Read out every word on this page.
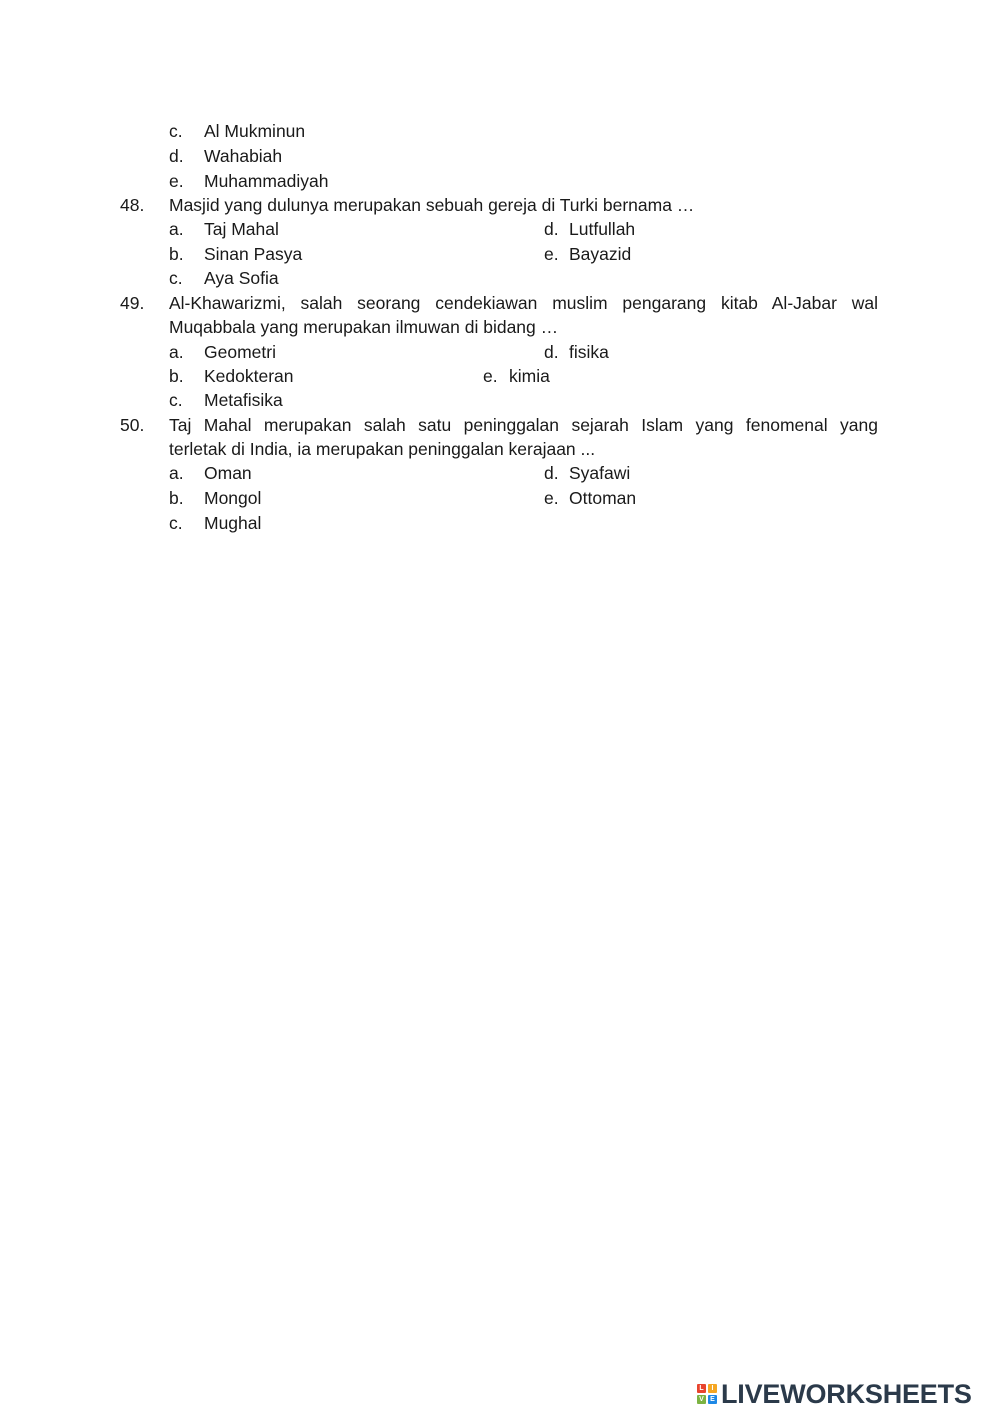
c. Al Mukminun
d. Wahabiah
e. Muhammadiyah
48. Masjid yang dulunya merupakan sebuah gereja di Turki bernama …
a. Taj Mahal	d. Lutfullah
b. Sinan Pasya	e. Bayazid
c. Aya Sofia
49. Al-Khawarizmi, salah seorang cendekiawan muslim pengarang kitab Al-Jabar wal
Muqabbala yang merupakan ilmuwan di bidang …
a. Geometri	d. fisika
b. Kedokteran	e. kimia
c. Metafisika
50. Taj Mahal merupakan salah satu peninggalan sejarah Islam yang fenomenal yang
terletak di India, ia merupakan peninggalan kerajaan ...
a. Oman	d. Syafawi
b. Mongol	e. Ottoman
c. Mughal
L	I
V E LIVEWORKSHEETS
